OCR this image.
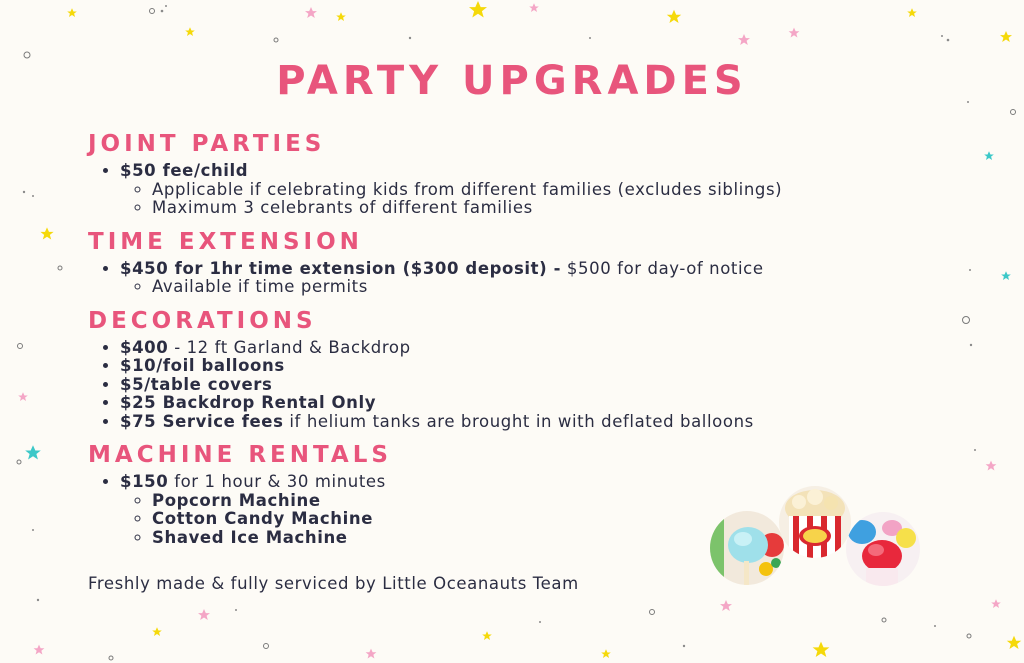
PARTY UPGRADES
JOINT PARTIES
• $50 fee/child
◦ Applicable if celebrating kids from different families (excludes siblings)
◦ Maximum 3 celebrants of different families
TIME EXTENSION
• $450 for 1hr time extension ($300 deposit) - $500 for day-of notice
◦ Available if time permits
DECORATIONS
• $400 - 12 ft Garland & Backdrop
• $10/foil balloons
• $5/table covers
• $25 Backdrop Rental Only
• $75 Service fees if helium tanks are brought in with deflated balloons
MACHINE RENTALS
• $150 for 1 hour & 30 minutes
◦ Popcorn Machine
◦ Cotton Candy Machine
◦ Shaved Ice Machine
Freshly made & fully serviced by Little Oceanauts Team
